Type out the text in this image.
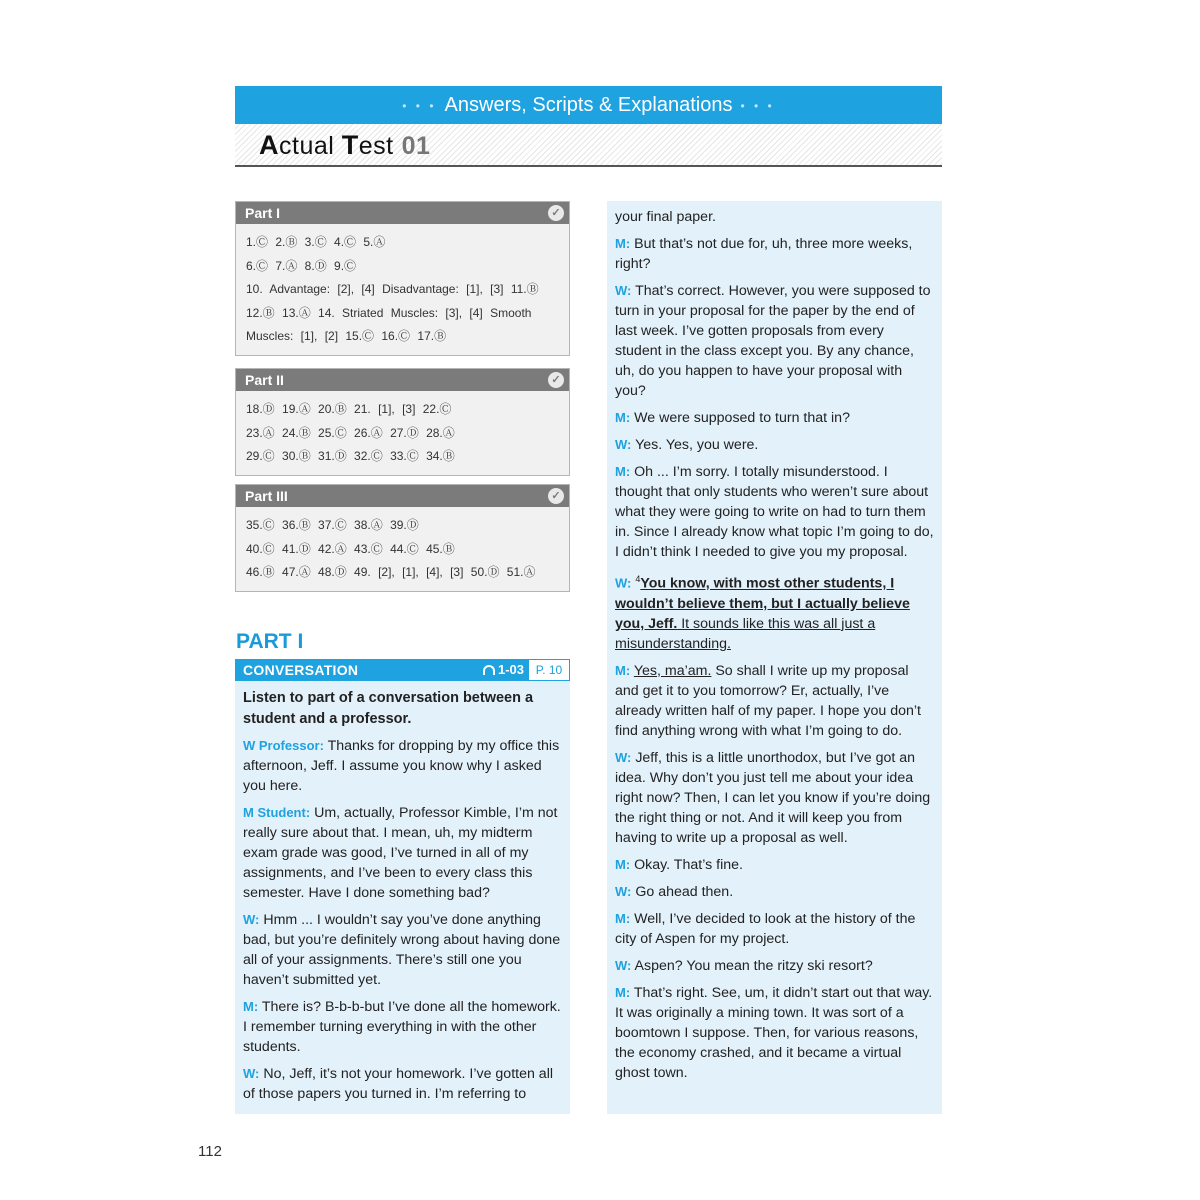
• • • Answers, Scripts & Explanations • • •
Actual Test 01
Part I	✓
1.Ⓒ 2.Ⓑ 3.Ⓒ 4.Ⓒ 5.Ⓐ
6.Ⓒ 7.Ⓐ 8.Ⓓ 9.Ⓒ
10. Advantage: [2], [4] Disadvantage: [1], [3] 11.Ⓑ
12.Ⓑ 13.Ⓐ 14. Striated Muscles: [3], [4] Smooth
Muscles: [1], [2] 15.Ⓒ 16.Ⓒ 17.Ⓑ
Part II	✓
18.Ⓓ 19.Ⓐ 20.Ⓑ 21. [1], [3] 22.Ⓒ
23.Ⓐ 24.Ⓑ 25.Ⓒ 26.Ⓐ 27.Ⓓ 28.Ⓐ
29.Ⓒ 30.Ⓑ 31.Ⓓ 32.Ⓒ 33.Ⓒ 34.Ⓑ
Part III	✓
35.Ⓒ 36.Ⓑ 37.Ⓒ 38.Ⓐ 39.Ⓓ
40.Ⓒ 41.Ⓓ 42.Ⓐ 43.Ⓒ 44.Ⓒ 45.Ⓑ
46.Ⓑ 47.Ⓐ 48.Ⓓ 49. [2], [1], [4], [3] 50.Ⓓ 51.Ⓐ
PART I
CONVERSATION	1-03 P. 10
Listen to part of a conversation between a student and a professor.
W Professor: Thanks for dropping by my office this afternoon, Jeff. I assume you know why I asked you here.
M Student: Um, actually, Professor Kimble, I’m not really sure about that. I mean, uh, my midterm exam grade was good, I’ve turned in all of my assignments, and I’ve been to every class this semester. Have I done something bad?
W: Hmm ... I wouldn’t say you’ve done anything bad, but you’re definitely wrong about having done all of your assignments. There’s still one you haven’t submitted yet.
M: There is? B-b-b-but I’ve done all the homework. I remember turning everything in with the other students.
W: No, Jeff, it’s not your homework. I’ve gotten all of those papers you turned in. I’m referring to
your final paper.
M: But that’s not due for, uh, three more weeks, right?
W: That’s correct. However, you were supposed to turn in your proposal for the paper by the end of last week. I’ve gotten proposals from every student in the class except you. By any chance, uh, do you happen to have your proposal with you?
M: We were supposed to turn that in?
W: Yes. Yes, you were.
M: Oh ... I’m sorry. I totally misunderstood. I thought that only students who weren’t sure about what they were going to write on had to turn them in. Since I already know what topic I’m going to do, I didn’t think I needed to give you my proposal.
W: $^4$You know, with most other students, I wouldn’t believe them, but I actually believe you, Jeff. It sounds like this was all just a misunderstanding.
M: Yes, ma’am. So shall I write up my proposal and get it to you tomorrow? Er, actually, I’ve already written half of my paper. I hope you don’t find anything wrong with what I’m going to do.
W: Jeff, this is a little unorthodox, but I’ve got an idea. Why don’t you just tell me about your idea right now? Then, I can let you know if you’re doing the right thing or not. And it will keep you from having to write up a proposal as well.
M: Okay. That’s fine.
W: Go ahead then.
M: Well, I’ve decided to look at the history of the city of Aspen for my project.
W: Aspen? You mean the ritzy ski resort?
M: That’s right. See, um, it didn’t start out that way. It was originally a mining town. It was sort of a boomtown I suppose. Then, for various reasons, the economy crashed, and it became a virtual ghost town.
112
